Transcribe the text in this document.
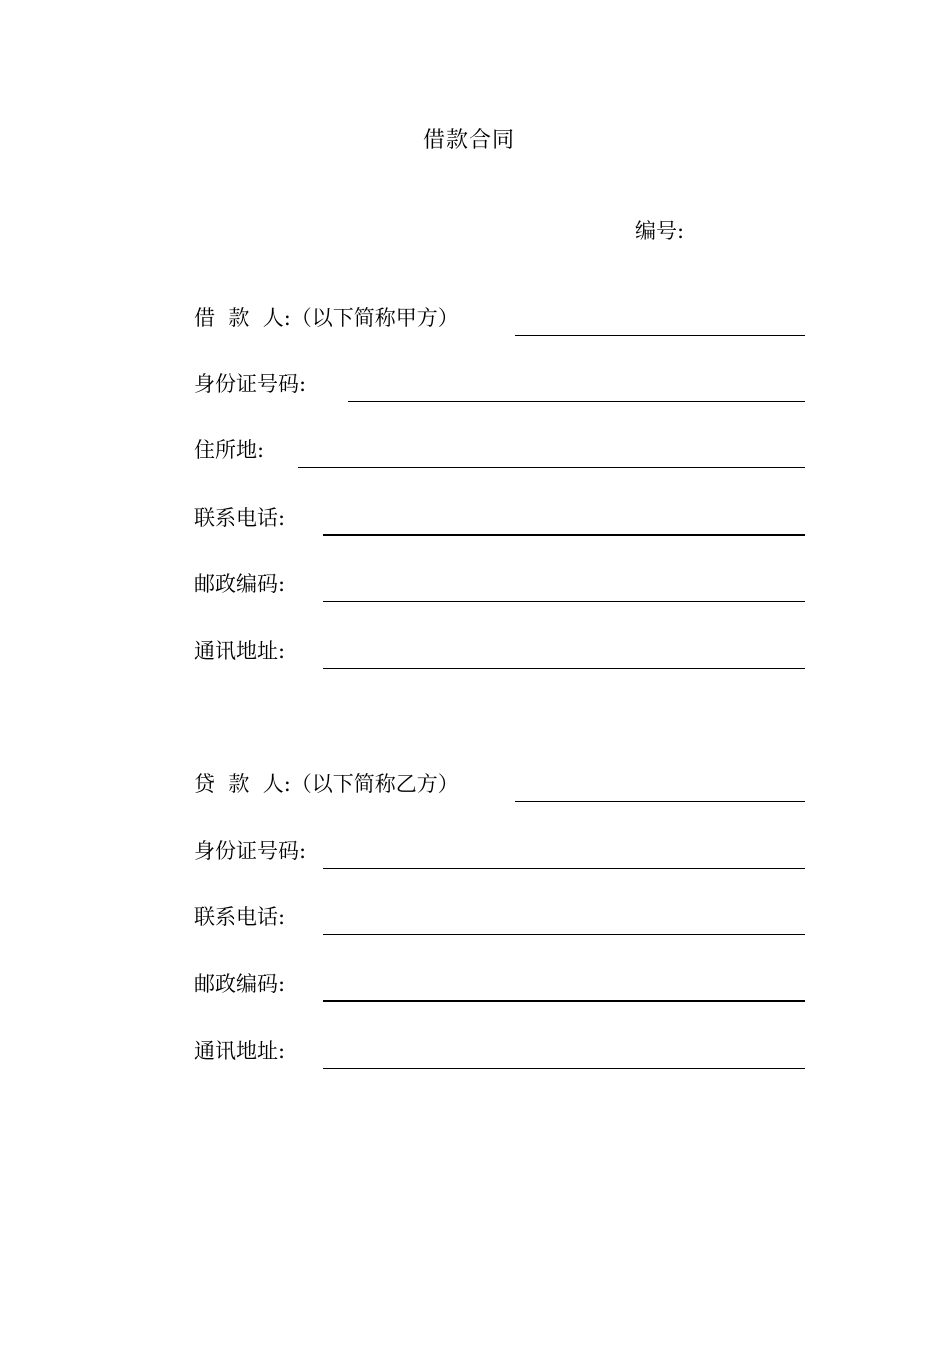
借款合同
编号:
借  款  人:（以下简称甲方）
身份证号码:
住所地:
联系电话:
邮政编码:
通讯地址:
贷  款  人:（以下简称乙方）
身份证号码:
联系电话:
邮政编码:
通讯地址:
